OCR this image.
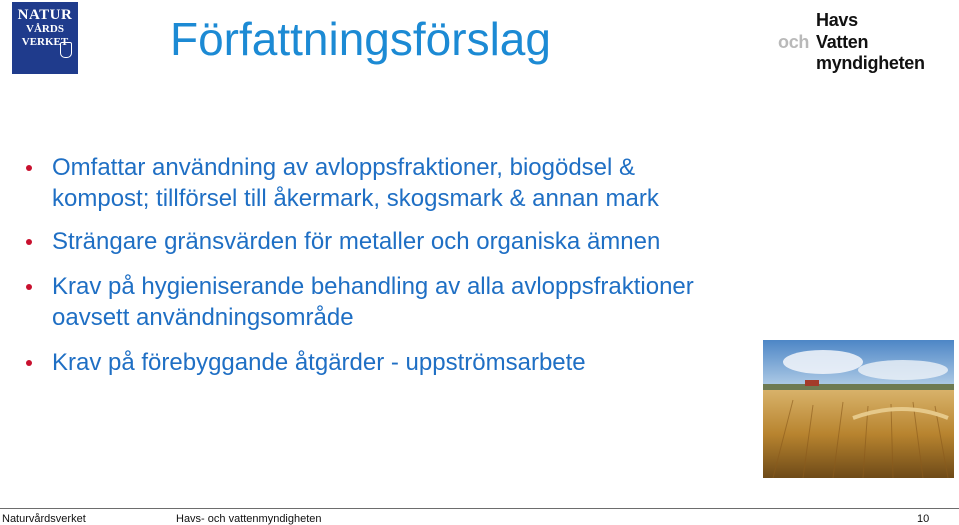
NATUR
VÅRDS
VERKET Författningsförslag	och
Havs
Vatten
myndigheten
Omfattar användning av avloppsfraktioner, biogödsel &
kompost; tillförsel till åkermark, skogsmark & annan mark
Strängare gränsvärden för metaller och organiska ämnen
Krav på hygieniserande behandling av alla avloppsfraktioner
oavsett användningsområde
Krav på förebyggande åtgärder - uppströmsarbete
Naturvårdsverket	Havs- och vattenmyndigheten	10
